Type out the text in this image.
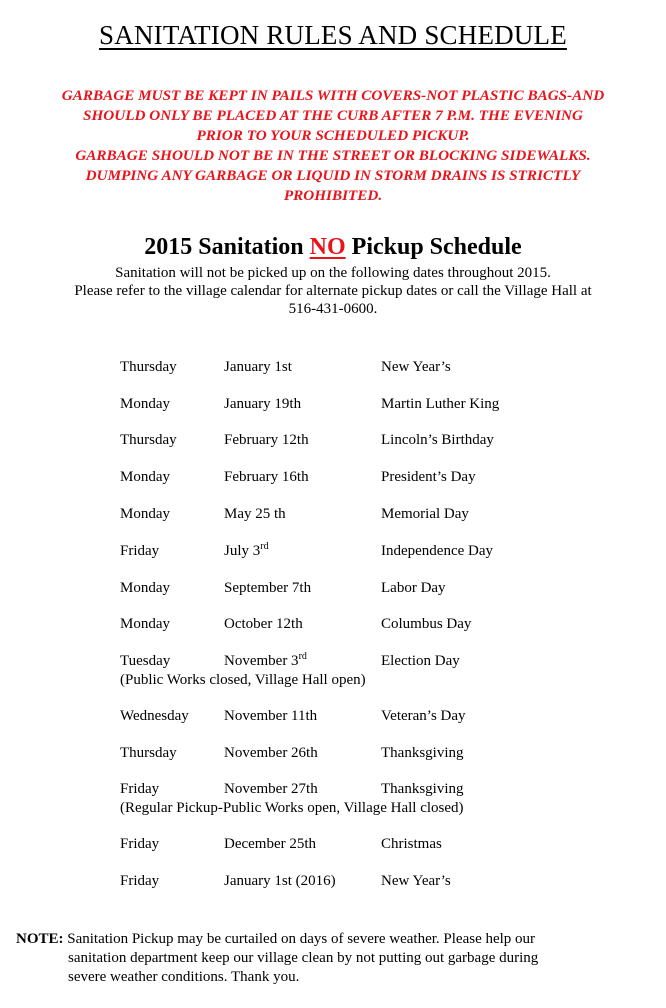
SANITATION RULES AND SCHEDULE
GARBAGE MUST BE KEPT IN PAILS WITH COVERS-NOT PLASTIC BAGS-AND
SHOULD ONLY BE PLACED AT THE CURB AFTER 7 P.M. THE EVENING
PRIOR TO YOUR SCHEDULED PICKUP.
GARBAGE SHOULD NOT BE IN THE STREET OR BLOCKING SIDEWALKS.
DUMPING ANY GARBAGE OR LIQUID IN STORM DRAINS IS STRICTLY
PROHIBITED.
2015 Sanitation NO Pickup Schedule
Sanitation will not be picked up on the following dates throughout 2015.
Please refer to the village calendar for alternate pickup dates or call the Village Hall at
516-431-0600.
Thursday	January 1st	New Year’s
Monday	January 19th	Martin Luther King
Thursday	February 12th	Lincoln’s Birthday
Monday	February 16th	President’s Day
Monday	May 25 th	Memorial Day
Friday	July 3rd	Independence Day
Monday	September 7th	Labor Day
Monday	October 12th	Columbus Day
Tuesday	November 3rd	Election Day
(Public Works closed, Village Hall open)
Wednesday November 11th	Veteran’s Day
Thursday	November 26th	Thanksgiving
Friday	November 27th	Thanksgiving
(Regular Pickup-Public Works open, Village Hall closed)
Friday	December 25th	Christmas
Friday	January 1st (2016)	New Year’s
NOTE: Sanitation Pickup may be curtailed on days of severe weather. Please help our
sanitation department keep our village clean by not putting out garbage during
severe weather conditions. Thank you.
